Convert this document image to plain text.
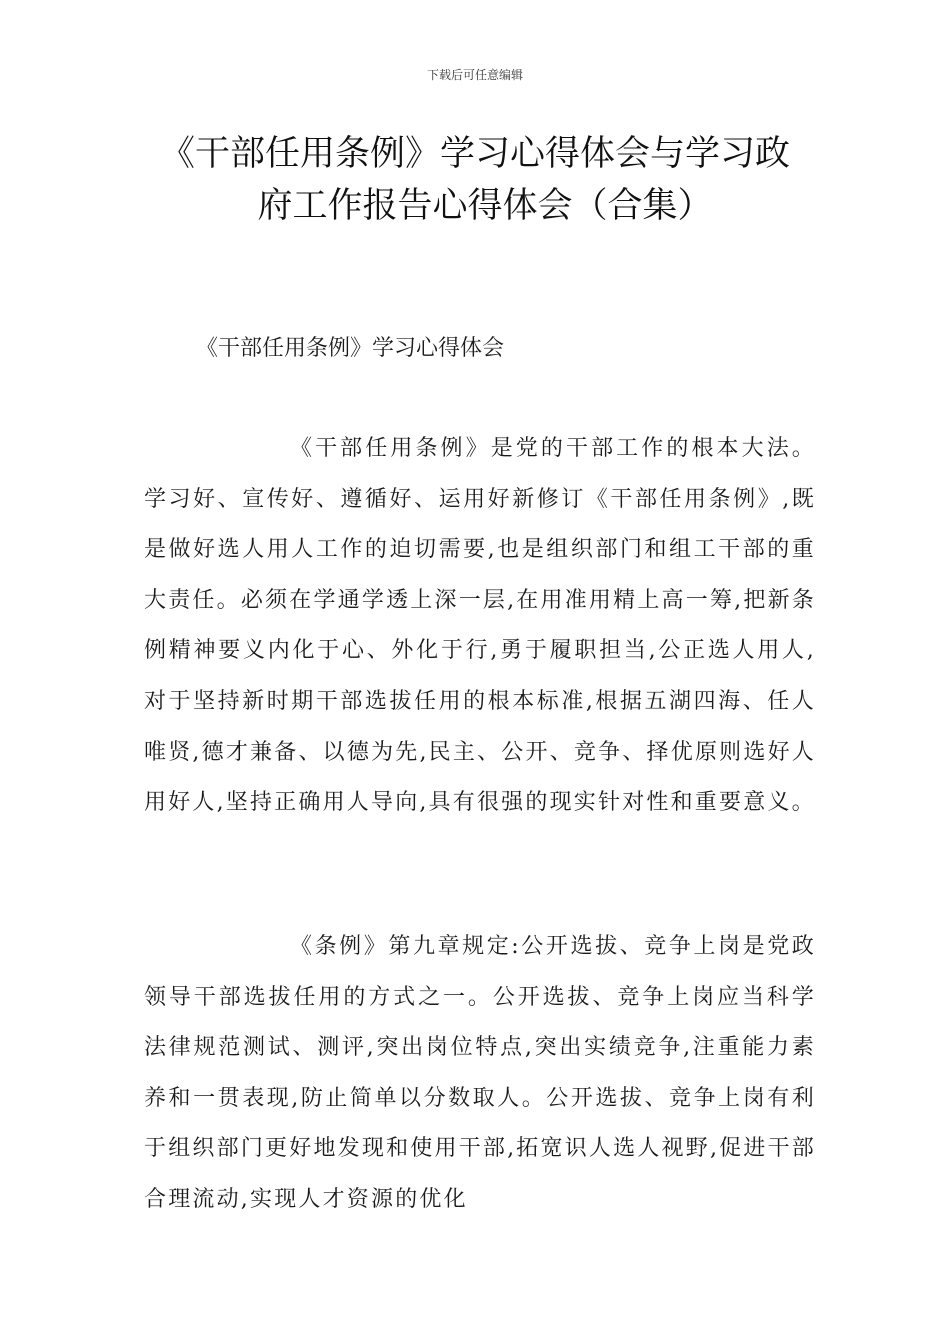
下载后可任意编辑
《干部任用条例》学习心得体会与学习政
府工作报告心得体会（合集）
《干部任用条例》学习心得体会

《干部任用条例》是党的干部工作的根本大法。学习好、宣传好、遵循好、运用好新修订《干部任用条例》,既是做好选人用人工作的迫切需要,也是组织部门和组工干部的重大责任。必须在学通学透上深一层,在用准用精上高一筹,把新条例精神要义内化于心、外化于行,勇于履职担当,公正选人用人, 对于坚持新时期干部选拔任用的根本标准,根据五湖四海、任人唯贤,德才兼备、以德为先,民主、公开、竞争、择优原则选好人用好人,坚持正确用人导向,具有很强的现实针对性和重要意义。

《条例》第九章规定:公开选拔、竞争上岗是党政领导干部选拔任用的方式之一。公开选拔、竞争上岗应当科学法律规范测试、测评,突出岗位特点,突出实绩竞争,注重能力素养和一贯表现,防止简单以分数取人。公开选拔、竞争上岗有利于组织部门更好地发现和使用干部,拓宽识人选人视野,促进干部合理流动,实现人才资源的优化
